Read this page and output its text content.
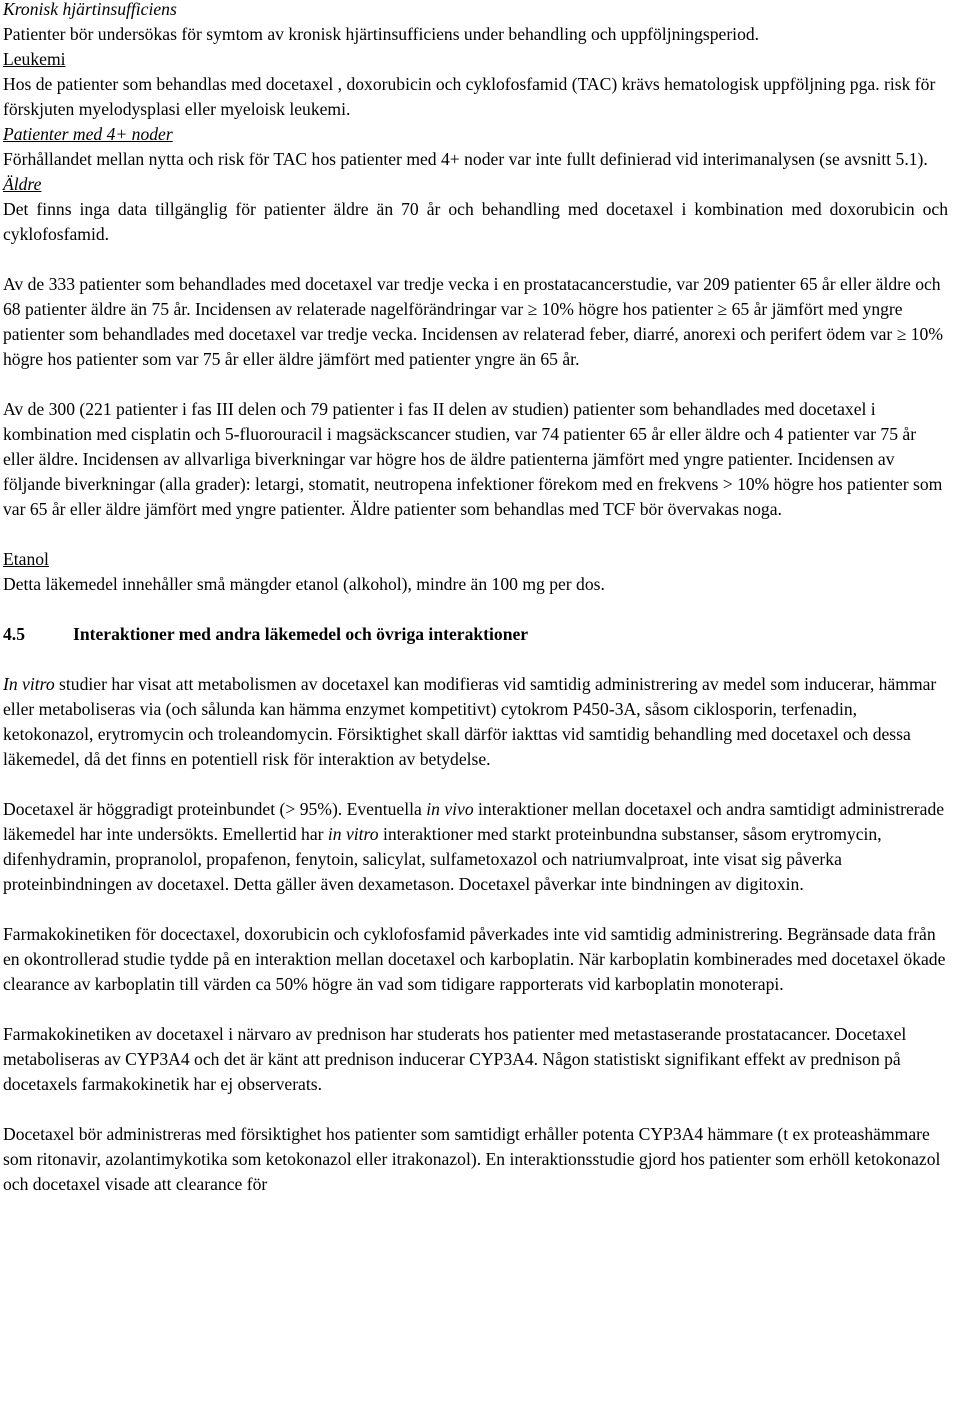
Kronisk hjärtinsufficiens

Patienter bör undersökas för symtom av kronisk hjärtinsufficiens under behandling och uppföljningsperiod.

Leukemi

Hos de patienter som behandlas med docetaxel , doxorubicin och cyklofosfamid (TAC) krävs hematologisk uppföljning pga. risk för förskjuten myelodysplasi eller myeloisk leukemi.

Patienter med 4+ noder

Förhållandet mellan nytta och risk för TAC hos patienter med 4+ noder var inte fullt definierad vid interimanalysen (se avsnitt 5.1).

Äldre

Det finns inga data tillgänglig för patienter äldre än 70 år och behandling med docetaxel i kombination med doxorubicin och cyklofosfamid.

Av de 333 patienter som behandlades med docetaxel var tredje vecka i en prostatacancerstudie, var 209 patienter 65 år eller äldre och 68 patienter äldre än 75 år. Incidensen av relaterade nagelförändringar var ≥ 10% högre hos patienter ≥ 65 år jämfört med yngre patienter som behandlades med docetaxel var tredje vecka. Incidensen av relaterad feber, diarré, anorexi och perifert ödem var ≥ 10% högre hos patienter som var 75 år eller äldre jämfört med patienter yngre än 65 år.

Av de 300 (221 patienter i fas III delen och 79 patienter i fas II delen av studien) patienter som behandlades med docetaxel i kombination med cisplatin och 5-fluorouracil i magsäckscancer studien, var 74 patienter 65 år eller äldre och 4 patienter var 75 år eller äldre. Incidensen av allvarliga biverkningar var högre hos de äldre patienterna jämfört med yngre patienter. Incidensen av följande biverkningar (alla grader): letargi, stomatit, neutropena infektioner förekom med en frekvens > 10% högre hos patienter som var 65 år eller äldre jämfört med yngre patienter. Äldre patienter som behandlas med TCF bör övervakas noga.

Etanol

Detta läkemedel innehåller små mängder etanol (alkohol), mindre än 100 mg per dos.

4.5	Interaktioner med andra läkemedel och övriga interaktioner

In vitro studier har visat att metabolismen av docetaxel kan modifieras vid samtidig administrering av medel som inducerar, hämmar eller metaboliseras via (och sålunda kan hämma enzymet kompetitivt) cytokrom P450-3A, såsom ciklosporin, terfenadin, ketokonazol, erytromycin och troleandomycin. Försiktighet skall därför iakttas vid samtidig behandling med docetaxel och dessa läkemedel, då det finns en potentiell risk för interaktion av betydelse.

Docetaxel är höggradigt proteinbundet (> 95%). Eventuella in vivo interaktioner mellan docetaxel och andra samtidigt administrerade läkemedel har inte undersökts. Emellertid har in vitro interaktioner med starkt proteinbundna substanser, såsom erytromycin, difenhydramin, propranolol, propafenon, fenytoin, salicylat, sulfametoxazol och natriumvalproat, inte visat sig påverka proteinbindningen av docetaxel. Detta gäller även dexametason. Docetaxel påverkar inte bindningen av digitoxin.

Farmakokinetiken för docectaxel, doxorubicin och cyklofosfamid påverkades inte vid samtidig administrering. Begränsade data från en okontrollerad studie tydde på en interaktion mellan docetaxel och karboplatin. När karboplatin kombinerades med docetaxel ökade clearance av karboplatin till värden ca 50% högre än vad som tidigare rapporterats vid karboplatin monoterapi.

Farmakokinetiken av docetaxel i närvaro av prednison har studerats hos patienter med metastaserande prostatacancer. Docetaxel metaboliseras av CYP3A4 och det är känt att prednison inducerar CYP3A4. Någon statistiskt signifikant effekt av prednison på docetaxels farmakokinetik har ej observerats.

Docetaxel bör administreras med försiktighet hos patienter som samtidigt erhåller potenta CYP3A4 hämmare (t ex proteashämmare som ritonavir, azolantimykotika som ketokonazol eller itrakonazol). En interaktionsstudie gjord hos patienter som erhöll ketokonazol och docetaxel visade att clearance för
